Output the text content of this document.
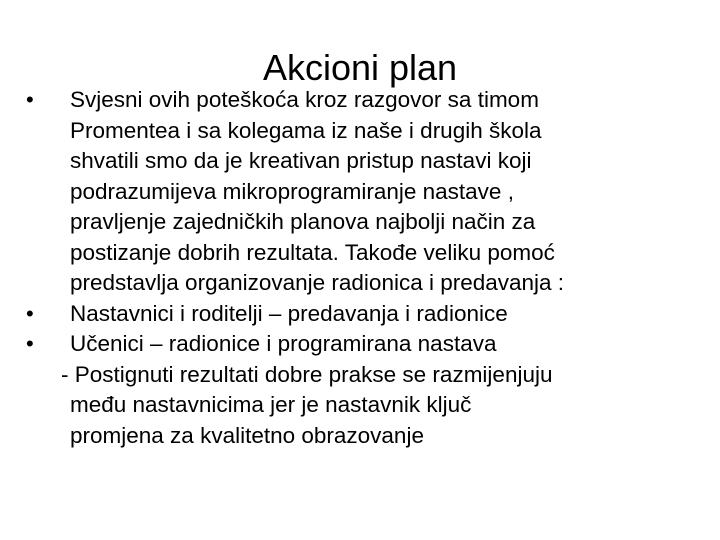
Akcioni plan
•	Svjesni ovih poteškoća kroz razgovor sa timom
Promentea i sa kolegama iz naše i drugih škola
shvatili smo da je kreativan pristup nastavi koji
podrazumijeva mikroprogramiranje nastave ,
pravljenje zajedničkih planova najbolji način za
postizanje dobrih rezultata. Takođe veliku pomoć
predstavlja organizovanje radionica i predavanja :
•	Nastavnici i roditelji – predavanja i radionice
•	Učenici – radionice i programirana nastava
- Postignuti rezultati dobre prakse se razmijenjuju
među nastavnicima jer je nastavnik ključ
promjena za kvalitetno obrazovanje
